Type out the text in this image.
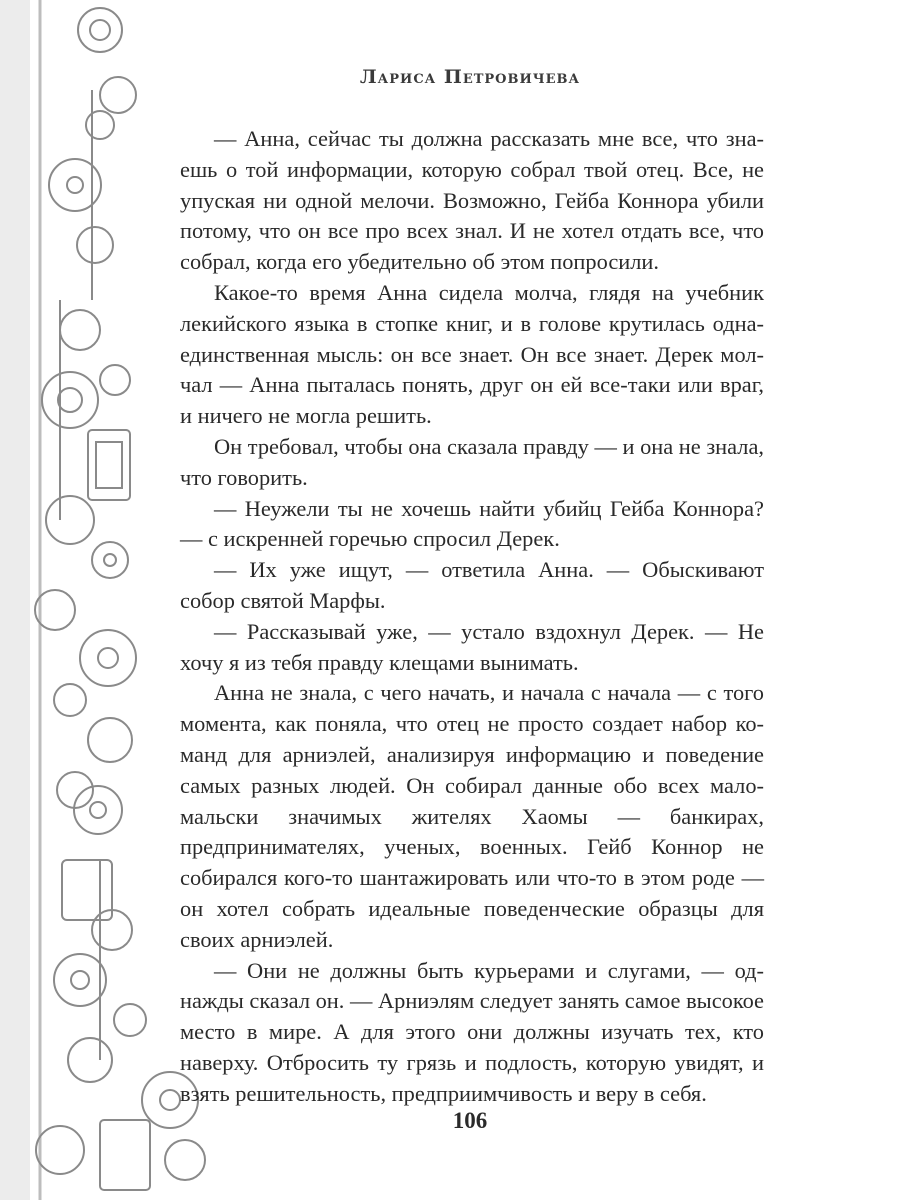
Лариса Петровичева

— Анна, сейчас ты должна рассказать мне все, что знаешь о той информации, которую собрал твой отец. Все, не упуская ни одной мелочи. Возможно, Гейба Коннора убили потому, что он все про всех знал. И не хотел отдать все, что собрал, когда его убедительно об этом попросили.

Какое-то время Анна сидела молча, глядя на учебник лекийского языка в стопке книг, и в голове крутилась однаединственная мысль: он все знает. Он все знает. Дерек молчал — Анна пыталась понять, друг он ей все-таки или враг, и ничего не могла решить.

Он требовал, чтобы она сказала правду — и она не знала, что говорить.

— Неужели ты не хочешь найти убийц Гейба Коннора? — с искренней горечью спросил Дерек.

— Их уже ищут, — ответила Анна. — Обыскивают собор святой Марфы.

— Рассказывай уже, — устало вздохнул Дерек. — Не хочу я из тебя правду клещами вынимать.

Анна не знала, с чего начать, и начала с начала — с того момента, как поняла, что отец не просто создает набор команд для арниэлей, анализируя информацию и поведение самых разных людей. Он собирал данные обо всех мало-мальски значимых жителях Хаомы — банкирах, предпринимателях, ученых, военных. Гейб Коннор не собирался кого-то шантажировать или что-то в этом роде — он хотел собрать идеальные поведенческие образцы для своих арниэлей.

— Они не должны быть курьерами и слугами, — однажды сказал он. — Арниэлям следует занять самое высокое место в мире. А для этого они должны изучать тех, кто наверху. Отбросить ту грязь и подлость, которую увидят, и взять решительность, предприимчивость и веру в себя.

106
